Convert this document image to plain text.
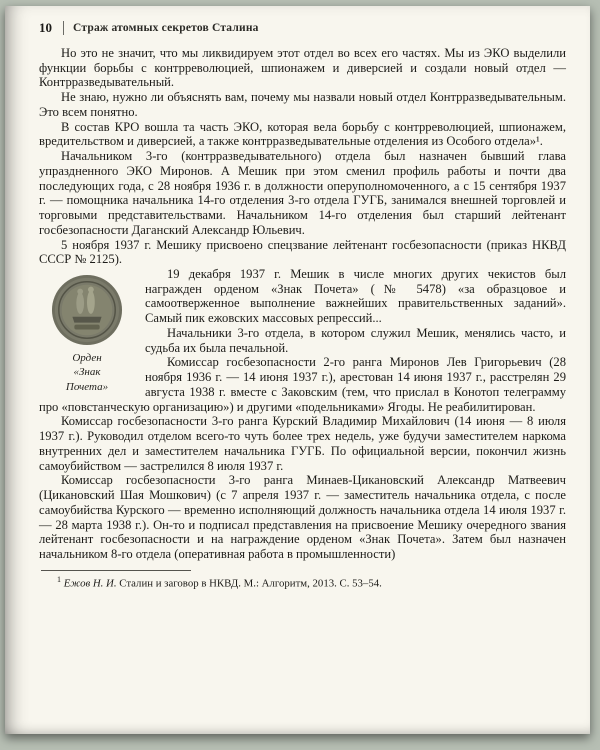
10 Страж атомных секретов Сталина

Но это не значит, что мы ликвидируем этот отдел во всех его частях. Мы из ЭКО выделили функции борьбы с контрреволюцией, шпионажем и диверсией и создали новый отдел — Контрразведывательный.

Не знаю, нужно ли объяснять вам, почему мы назвали новый отдел Контрразведывательным. Это всем понятно.

В состав КРО вошла та часть ЭКО, которая вела борьбу с контрреволюцией, шпионажем, вредительством и диверсией, а также контрразведывательные отделения из Особого отдела»¹.

Начальником 3-го (контрразведывательного) отдела был назначен бывший глава упраздненного ЭКО Миронов. А Мешик при этом сменил профиль работы и почти два последующих года, с 28 ноября 1936 г. в должности оперуполномоченного, а с 15 сентября 1937 г. — помощника начальника 14-го отделения 3-го отдела ГУГБ, занимался внешней торговлей и торговыми представительствами. Начальником 14-го отделения был старший лейтенант госбезопасности Даганский Александр Юльевич.

5 ноября 1937 г. Мешику присвоено спецзвание лейтенант госбезопасности (приказ НКВД СССР № 2125).

Орден
«Знак
Почета»

19 декабря 1937 г. Мешик в числе многих других чекистов был награжден орденом «Знак Почета» (№ 5478) «за образцовое и самоотверженное выполнение важнейших правительственных заданий». Самый пик ежовских массовых репрессий...

Начальники 3-го отдела, в котором служил Мешик, менялись часто, и судьба их была печальной.

Комиссар госбезопасности 2-го ранга Миронов Лев Григорьевич (28 ноября 1936 г. — 14 июня 1937 г.), арестован 14 июня 1937 г., расстрелян 29 августа 1938 г. вместе с Заковским (тем, что прислал в Конотоп телеграмму про «повстанческую организацию») и другими «подельниками» Ягоды. Не реабилитирован.

Комиссар госбезопасности 3-го ранга Курский Владимир Михайлович (14 июня — 8 июля 1937 г.). Руководил отделом всего-то чуть более трех недель, уже будучи заместителем наркома внутренних дел и заместителем начальника ГУГБ. По официальной версии, покончил жизнь самоубийством — застрелился 8 июля 1937 г.

Комиссар госбезопасности 3-го ранга Минаев-Цикановский Александр Матвеевич (Цикановский Шая Мошкович) (с 7 апреля 1937 г. — заместитель начальника отдела, с после самоубийства Курского — временно исполняющий должность начальника отдела 14 июля 1937 г. — 28 марта 1938 г.). Он-то и подписал представления на присвоение Мешику очередного звания лейтенант госбезопасности и на награждение орденом «Знак Почета». Затем был назначен начальником 8-го отдела (оперативная работа в промышленности)

$^1$ Ежов Н. И. Сталин и заговор в НКВД. М.: Алгоритм, 2013. С. 53–54.
